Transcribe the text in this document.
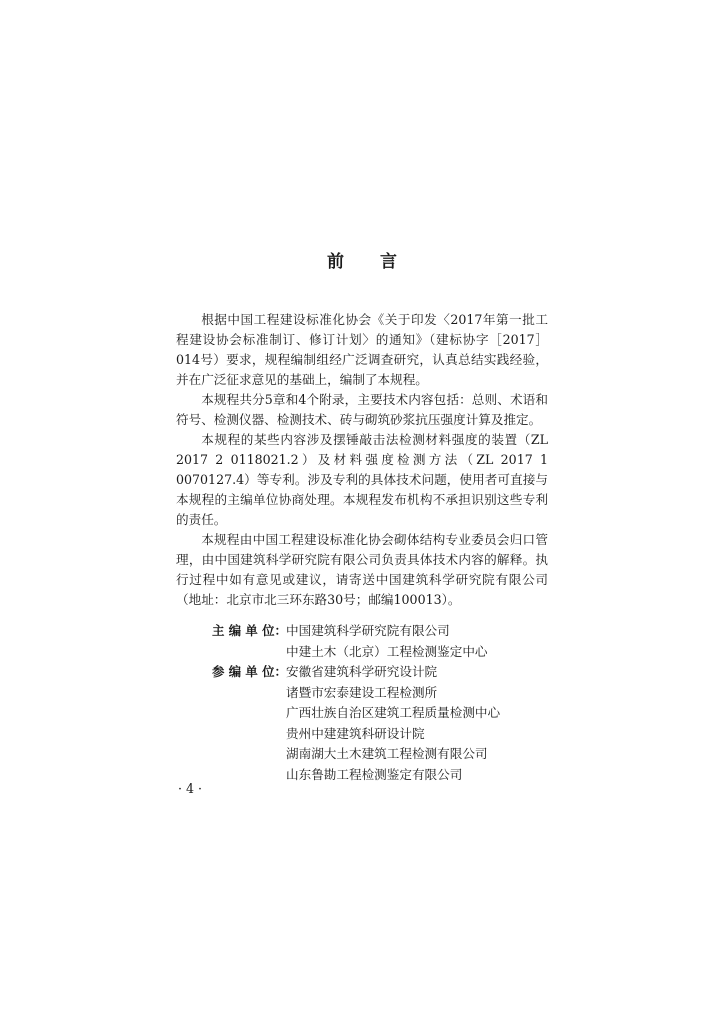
前言

根据中国工程建设标准化协会《关于印发〈2017年第一批工程建设协会标准制订、修订计划〉的通知》（建标协字［2017］014号）要求，规程编制组经广泛调查研究，认真总结实践经验，并在广泛征求意见的基础上，编制了本规程。

本规程共分5章和4个附录，主要技术内容包括：总则、术语和符号、检测仪器、检测技术、砖与砌筑砂浆抗压强度计算及推定。

本规程的某些内容涉及摆锤敲击法检测材料强度的装置（ZL 2017 2 0118021.2）及材料强度检测方法（ZL 2017 1 0070127.4）等专利。涉及专利的具体技术问题，使用者可直接与本规程的主编单位协商处理。本规程发布机构不承担识别这些专利的责任。

本规程由中国工程建设标准化协会砌体结构专业委员会归口管理，由中国建筑科学研究院有限公司负责具体技术内容的解释。执行过程中如有意见或建议，请寄送中国建筑科学研究院有限公司（地址：北京市北三环东路30号；邮编100013）。

主 编 单 位： 中国建筑科学研究院有限公司
中建土木（北京）工程检测鉴定中心
参 编 单 位： 安徽省建筑科学研究设计院
诸暨市宏泰建设工程检测所
广西壮族自治区建筑工程质量检测中心
贵州中建建筑科研设计院
湖南湖大土木建筑工程检测有限公司
山东鲁勘工程检测鉴定有限公司
· 4 ·
